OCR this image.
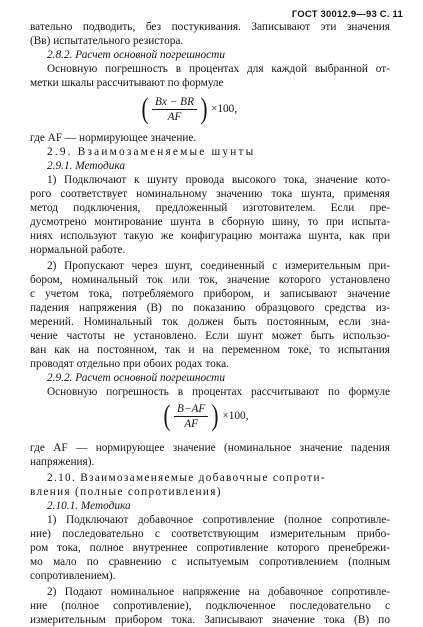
ГОСТ 30012.9—93 С. 11
вательно подводить, без постукивания. Записывают эти значения
(Bв) испытательного резистора.
2.8.2. Расчет основной погрешности
Основную погрешность в процентах для каждой выбранной от-
метки шкалы рассчитывают по формуле
( $\frac{Bx - BR}{AF}$ ) ×100,
где AF — нормирующее значение.
2.9. Взаимозаменяемые шунты
2.9.1. Методика
1) Подключают к шунту провода высокого тока, значение кото-
рого соответствует номинальному значению тока шунта, применяя
метод подключения, предложенный изготовителем. Если пре-
дусмотрено монтирование шунта в сборную шину, то при испыта-
ниях используют такую же конфигурацию монтажа шунта, как при
нормальной работе.
2) Пропускают через шунт, соединенный с измерительным при-
бором, номинальный ток или ток, значение которого установлено
с учетом тока, потребляемого прибором, и записывают значение
падения напряжения (B) по показанию образцового средства из-
мерений. Номинальный ток должен быть постоянным, если зна-
чение частоты не установлено. Если шунт может быть использо-
ван как на постоянном, так и на переменном токе, то испытания
проводят отдельно при обоих родах тока.
2.9.2. Расчет основной погрешности
Основную погрешность в процентах рассчитывают по формуле
( $\frac{B-AF}{AF}$ ) ×100,
где AF — нормирующее значение (номинальное значение падения
напряжения).
2.10. Взаимозаменяемые добавочные сопроти-
вления (полные сопротивления)
2.10.1. Методика
1) Подключают добавочное сопротивление (полное сопротивле-
ние) последовательно с соответствующим измерительным прибо-
ром тока, полное внутреннее сопротивление которого пренебрежи-
мо мало по сравнению с испытуемым сопротивлением (полным
сопротивлением).
2) Подают номинальное напряжение на добавочное сопротивле-
ние (полное сопротивление), подключенное последовательно с
измерительным прибором тока. Записывают значение тока (B) по
